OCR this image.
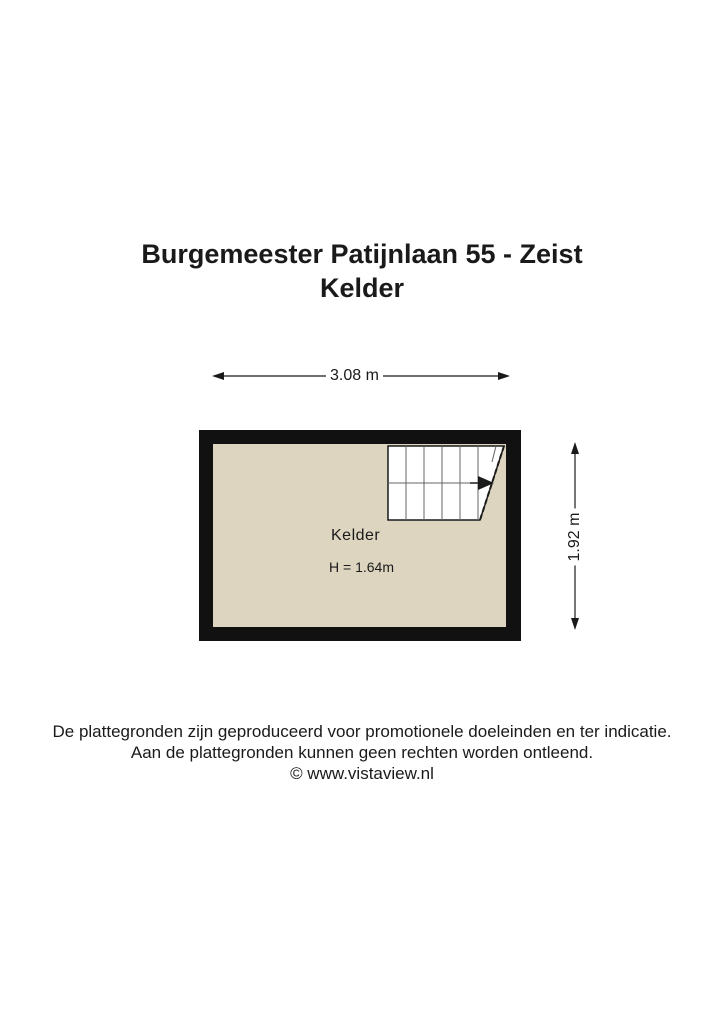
Burgemeester Patijnlaan 55 - Zeist
Kelder
3.08 m
1.92 m
Kelder
H = 1.64m
De plattegronden zijn geproduceerd voor promotionele doeleinden en ter indicatie.
Aan de plattegronden kunnen geen rechten worden ontleend.
© www.vistaview.nl
